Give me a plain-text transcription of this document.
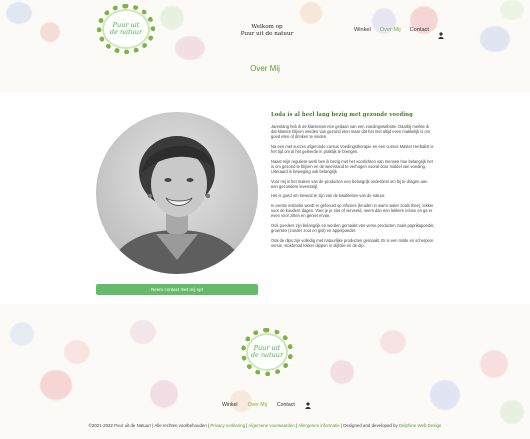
Puur uit
de natuur
Welkom op
Puur uit de natuur
Winkel Over Mij Contact
Over Mij
Neem contact met mij op!
Loda is al heel lang bezig met gezonde voeding

Jarenlang heb ik de klantenservice gedaan van een voedingswebsite. Daarbij merkte ik dat klanten blijven werden van gezond eten maar dat het niet altijd even makkelijk is om goed eten of drinken te vinden.

Na een met succes afgeronde cursus Voedingstherapie en een cursus Master Herbalist is het tijd om al het geleerde in praktijk te brengen.

Naast mijn reguliere werk ben ik bezig met het voorlichten van mensen hoe belangrijk het is om gezond te blijven en de weerstand te verhogen vooral door middel van voeding. Uiteraard is beweging ook belangrijk

Voor mij is het maken van de producten een belangrijk onderdeel om bij te dragen aan een gezondere levensstijl.

Het is goed om bewust te zijn van de kwaliteiten van de natuur.

In eerste instantie wordt er gefocust op infusies (kruiden in warm water zoals thee), lekker voor de koudere dagen. Voer je je niet of verveeld, neem dan een lekkere infuse en ga er even voor zitten en geniet ervan.

Ook poeders zijn belangrijk en worden gemaakt van verse producten zoals paprikapoeder, groenten (zonder zout en gist) en appelpoeder.

Ook de dips zijn volledig met natuurlijke producten gemaakt. Er is een milde en scherpere versie, stokbrood lekker dippen in olijfolie en de dip.

Puur uit
de natuur
Winkel Over Mij Contact
©2021-2022 Puur uit de Natuur! | Alle rechten voorbehouden | Privacy verklaring | Algemene voorwaarden | Allergenen informatie | Designed and developed by Delphine Web Design
